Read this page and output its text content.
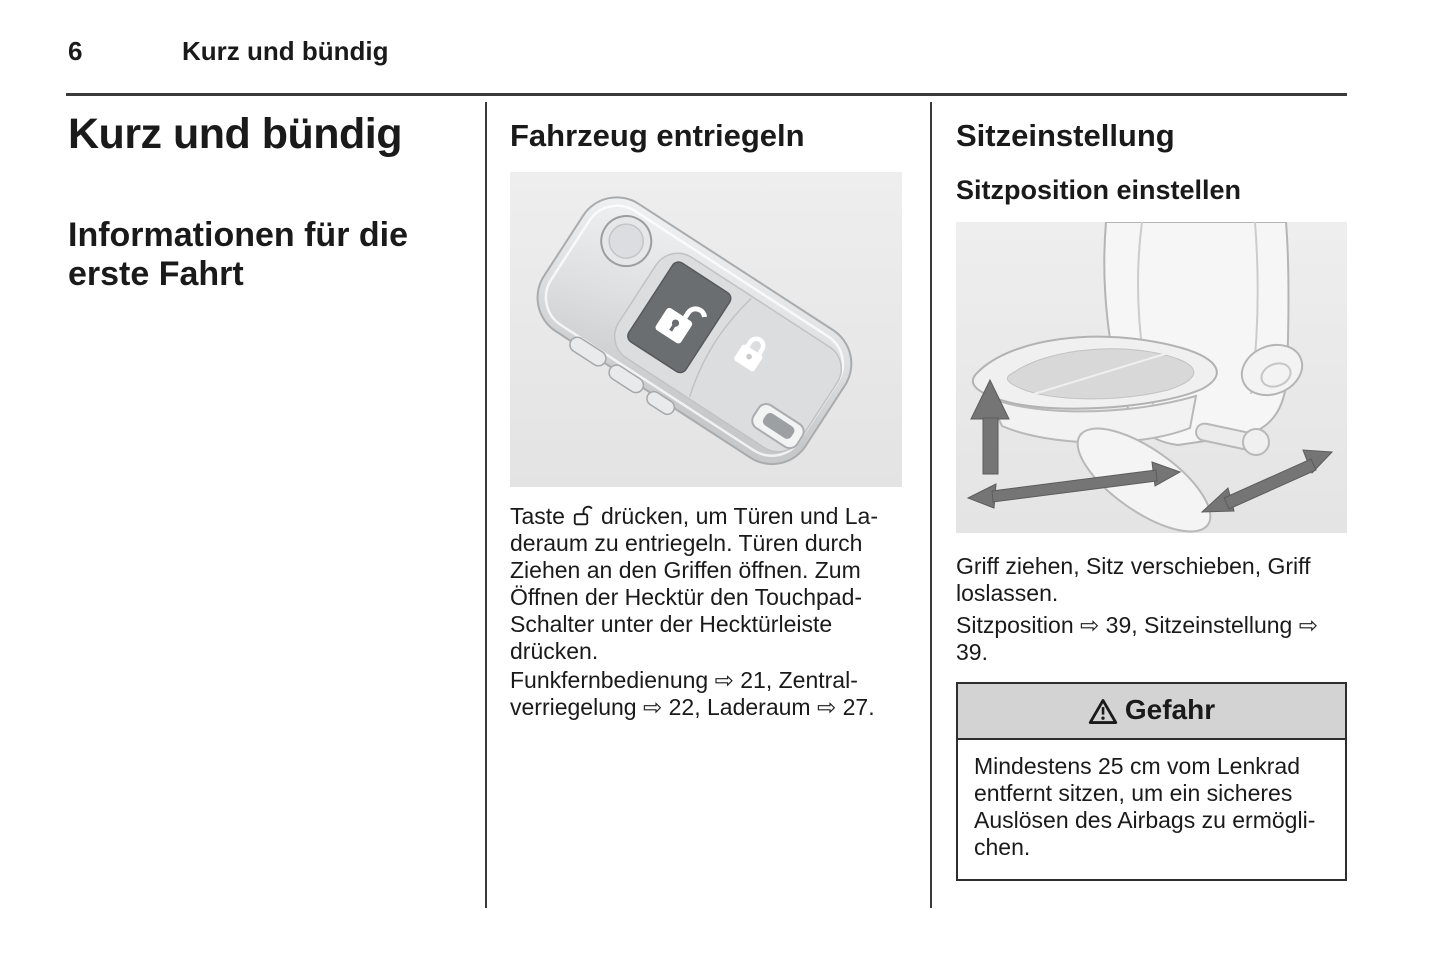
6	Kurz und bündig
Kurz und bündig
Informationen für die erste Fahrt
Fahrzeug entriegeln

Taste drücken, um Türen und Laderaum zu entriegeln. Türen durch Ziehen an den Griffen öffnen. Zum Öffnen der Hecktür den Touchpad-Schalter unter der Hecktürleiste drücken.

Funkfernbedienung ⇨ 21, Zentralverriegelung ⇨ 22, Laderaum ⇨ 27.

Sitzeinstellung
Sitzposition einstellen

Griff ziehen, Sitz verschieben, Griff loslassen.

Sitzposition ⇨ 39, Sitzeinstellung ⇨ 39.

Gefahr
Mindestens 25 cm vom Lenkrad entfernt sitzen, um ein sicheres Auslösen des Airbags zu ermöglichen.
